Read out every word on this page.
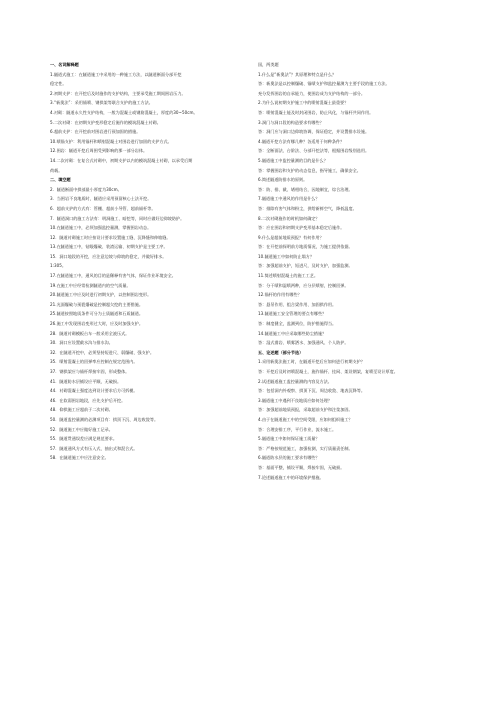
一、名词解释题
1.隧道式施工：在隧道施工中采用的一种施工方法，以隧道断面分部开挖
稳定性。
2.初期支护：在开挖后及时施作的支护结构，主要承受施工期间围岩压力。
3.“新奥法”：采用锚喷、钢拱架等联合支护的施工方法。
4.衬砌：隧道永久性支护结构，一般为混凝土或钢筋混凝土，厚度约30~50cm。
5.二次衬砌：在初期支护变形稳定后施作的模筑混凝土衬砌。
6.超前支护：在开挖前对围岩进行预加固的措施。
10.喷锚支护：利用锚杆和喷射混凝土对围岩进行加固的支护方式。
12.围岩：隧道开挖后周围受到影响的那一部分岩体。
14.二次衬砌：在复合式衬砌中，初期支护以内的模筑混凝土衬砌，以承受后期
荷载。
二、填空题
2．隧道断面中拱部最小厚度为30cm。
3．当围岩不良地质时，隧道应采用预留核心土法开挖。
6．超前支护的方式有：管棚、超前小导管、超前锚杆等。
7．隧道洞口的施工方法有：明洞施工、暗挖等，同时应做好边仰坡防护。
10.在隧道施工中，必须加强监控量测，掌握围岩动态。
12．隧道衬砌施工时应按设计要求设置施工缝、沉降缝和伸缩缝。
13.在隧道施工中，钻眼爆破、装渣运输、初期支护是主要工序。
15．洞口地段的开挖，应注意边坡与仰坡的稳定，并做好排水。
1:305。
17.在隧道施工中，通风的目的是稀释有害气体，保证作业环境安全。
19.在施工中应经常检测隧道内的空气质量。
20.隧道施工中应及时进行初期支护，以控制围岩变形。
21.光面爆破与预裂爆破是控制超欠挖的主要措施。
25.隧道按照地质条件可分为土质隧道和石质隧道。
26.施工中发现围岩变形过大时，应及时加强支护。
28．隧道衬砌模板台车一般采用全液压式。
30．洞口应设置截水沟与排水沟。
32．在隧道开挖中，必须坚持短进尺、弱爆破、强支护。
35．喷射混凝土的回弹率应控制在规定范围内。
37．钢拱架应与锚杆焊接牢固，形成整体。
41．隧道防水层铺设应平顺，无破损。
44．衬砌混凝土强度达到设计要求后方可拆模。
46．在软弱围岩地段，应先支护后开挖。
48．仰拱施工应超前于二次衬砌。
50．隧道监控量测的必测项目有：拱顶下沉、周边收敛等。
52．隧道施工中应做好施工记录。
55．隧道贯通误差应满足规范要求。
57．隧道通风方式有压入式、抽出式和混合式。
58．在隧道施工中应注意安全。
国，两类题
1.什么是“新奥法”？其原理和特点是什么？
答：新奥法是以控制爆破、锚喷支护和监控量测为主要手段的施工方法。
充分发挥围岩的自承能力，使围岩成为支护结构的一部分。
2.为什么说初期支护施工中的喷射混凝土最重要？
答：喷射混凝土能及时封闭围岩，防止风化，与锚杆共同作用。
3.洞门与洞口段的构造要求有哪些？
答：洞门应与洞口边仰坡协调，保证稳定，并设置排水设施。
4.隧道开挖方法有哪几种？各适用于何种条件？
答：全断面法、台阶法、分部开挖法等，根据围岩级别选用。
5.隧道施工中监控量测的目的是什么？
答：掌握围岩和支护的动态信息，指导施工，确保安全。
6.简述隧道防排水的原则。
答：防、排、截、堵相结合，因地制宜，综合治理。
7.隧道施工中通风的作用是什么？
答：排除有害气体和粉尘，供给新鲜空气，降低温度。
8.二次衬砌施作的时机如何确定？
答：应在围岩和初期支护变形基本稳定后施作。
9.什么是超前地质预报？有何作用？
答：在开挖前探明前方地质情况，为施工提供依据。
10.隧道施工中如何防止塌方？
答：加强超前支护，短进尺，及时支护，加强监测。
11.简述喷射混凝土的施工工艺。
答：分干喷和湿喷两种，应分层喷射，控制回弹。
12.锚杆的作用有哪些？
答：悬吊作用、组合梁作用、加固拱作用。
13.隧道施工安全管理的要点有哪些？
答：制度健全，监测到位，防护措施得当。
14.隧道施工中应采取哪些防尘措施？
答：湿式凿岩、喷雾洒水、加强通风、个人防护。
五、论述题（部分节选）
1.采用新奥法施工时，在隧道开挖后应如何进行初期支护？
答：开挖后及时初喷混凝土，施作锚杆、挂网、架设钢架，复喷至设计厚度。
2.试述隧道施工监控量测的内容及方法。
答：包括洞内外观察、拱顶下沉、周边收敛、地表沉降等。
3.隧道施工中遇到不良地质应如何处理？
答：加强超前地质预报，采取超前支护和注浆加固。
4.由于在隧道施工中的空间受限，应如何组织施工？
答：合理安排工序，平行作业，流水施工。
5.隧道施工中如何保证施工质量？
答：严格按规范施工，加强检测，实行质量责任制。
6.隧道防水层的施工要求有哪些？
答：基面平整，铺设平顺，焊接牢固，无破损。
7.论述隧道施工中的环境保护措施。
